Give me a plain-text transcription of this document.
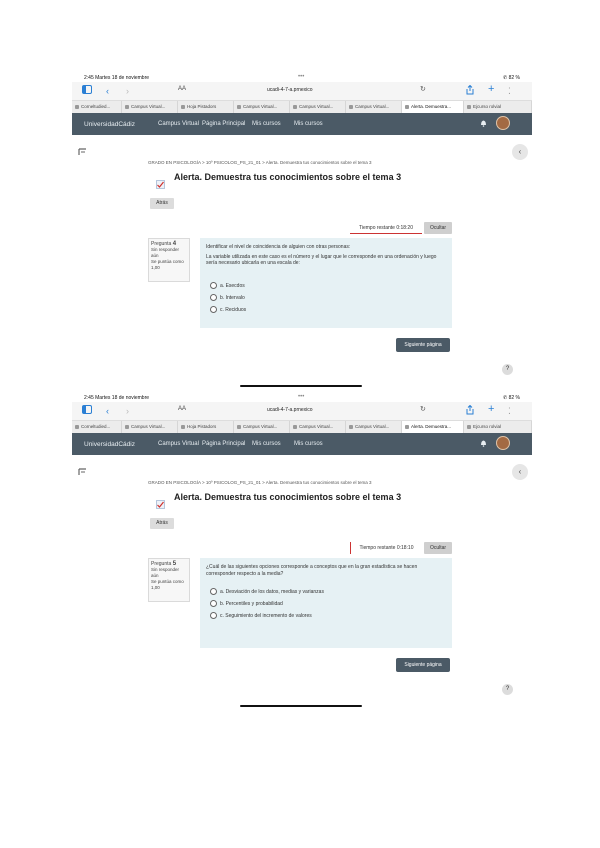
2:45 Martes 18 de noviembre	•••	✆ 82 %
‹ ›	AA	ucadi-4-7-a.prnexico	↻	+ ⁚
Corneltudied...	Campus Virtual...	Hoja Pistadors	Campus Virtual...	Campus Virtual...	Campus Virtual...	Alerta. Demuestra...	Ejcurso rolvial
UniversidadCádiz	Campus Virtual Página Principal Mis cursos Mis cursos
‹
GRADO EN PSICOLOGÍA > 10º PSICOLOG_PS_21_01 > Alerta. Demuestra tus conocimientos sobre el tema 3
Alerta. Demuestra tus conocimientos sobre el tema 3
Atrás
Tiempo restante 0:18:20	Ocultar
Pregunta 4
Sin responder aún
Se puntúa como 1,00

Identificar el nivel de coincidencia de alguien con otras personas:

La variable utilizada en este caso es el número y el lugar que le corresponde en una ordenación y luego sería necesario ubicarla en una escala de:

a. Esecdos
b. Intervalo
c. Reciduos
Siguiente página
?
2:45 Martes 18 de noviembre	•••	✆ 82 %
‹ ›	AA	ucadi-4-7-a.prnexico	↻	+ ⁚
Corneltudied...	Campus Virtual...	Hoja Pistadors	Campus Virtual...	Campus Virtual...	Campus Virtual...	Alerta. Demuestra...	Ejcurso rolvial
UniversidadCádiz	Campus Virtual Página Principal Mis cursos Mis cursos
‹
GRADO EN PSICOLOGÍA > 10º PSICOLOG_PS_21_01 > Alerta. Demuestra tus conocimientos sobre el tema 3
Alerta. Demuestra tus conocimientos sobre el tema 3
Atrás
Tiempo restante 0:18:10	Ocultar
Pregunta 5
Sin responder aún
Se puntúa como 1,00

¿Cuál de las siguientes opciones corresponde a conceptos que en la gran estadística se hacen corresponder respecto a la media?

a. Desviación de los datos, medias y varianzas
b. Percentiles y probabilidad
c. Seguimiento del incremento de valores
Siguiente página
?
